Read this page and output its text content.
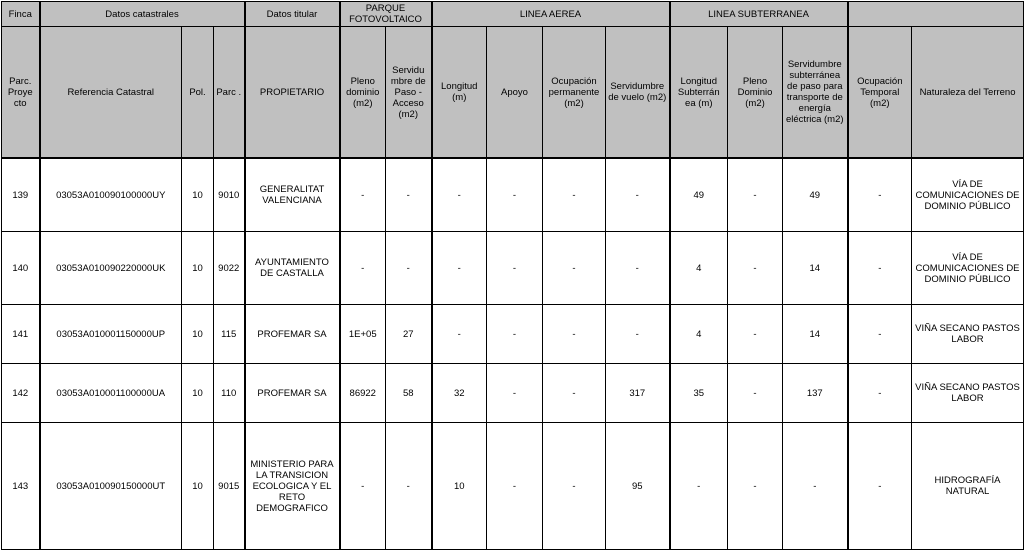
Finca	Datos catastrales			Datos titular	PARQUE FOTOVOLTAICO		LINEA AEREA				LINEA SUBTERRANEA				
Parc. Proye cto	Referencia Catastral	Pol.	Parc .	PROPIETARIO	Pleno dominio (m2)	Servidu mbre de Paso - Acceso (m2)	Longitud (m)	Apoyo	Ocupación permanente (m2)	Servidumbre de vuelo (m2)	Longitud Subterrán ea (m)	Pleno Dominio (m2)	Servidumbre subterránea de paso para transporte de energía eléctrica (m2)	Ocupación Temporal (m2)	Naturaleza del Terreno
139	03053A010090100000UY	10	9010	GENERALITAT VALENCIANA	-	-	-	-	-	-	49	-	49	-	VÍA DE COMUNICACIONES DE DOMINIO PÚBLICO
140	03053A010090220000UK	10	9022	AYUNTAMIENTO DE CASTALLA	-	-	-	-	-	-	4	-	14	-	VÍA DE COMUNICACIONES DE DOMINIO PÚBLICO
141	03053A010001150000UP	10	115	PROFEMAR SA	1E+05	27	-	-	-	-	4	-	14	-	VIÑA SECANO PASTOS LABOR
142	03053A010001100000UA	10	110	PROFEMAR SA	86922	58	32	-	-	317	35	-	137	-	VIÑA SECANO PASTOS LABOR
143	03053A010090150000UT	10	9015	MINISTERIO PARA LA TRANSICION ECOLOGICA Y EL RETO DEMOGRAFICO	-	-	10	-	-	95	-	-	-	-	HIDROGRAFÍA NATURAL
